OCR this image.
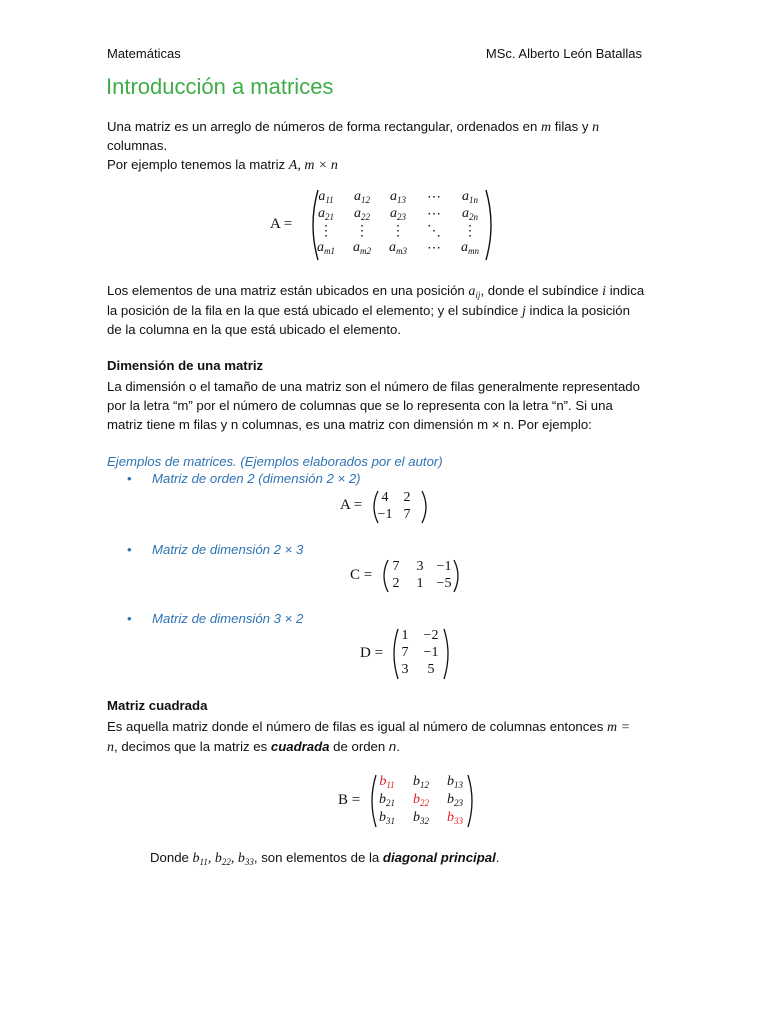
Matemáticas	MSc. Alberto León Batallas
Introducción a matrices
Una matriz es un arreglo de números de forma rectangular, ordenados en m filas y n
columnas.
Por ejemplo tenemos la matriz A, m × n
A =
$a_{11}$	$a_{12}$	$a_{13}$	⋯	$a_{1n}$
$a_{21}$	$a_{22}$	$a_{23}$	⋯	$a_{2n}$
⋮	⋮	⋮	⋱	⋮
$a_{m1}$	$a_{m2}$	$a_{m3}$	⋯	$a_{mn}$
Los elementos de una matriz están ubicados en una posición $a_{ij}$, donde el subíndice i indica
la posición de la fila en la que está ubicado el elemento; y el subíndice j indica la posición
de la columna en la que está ubicado el elemento.
Dimensión de una matriz
La dimensión o el tamaño de una matriz son el número de filas generalmente representado
por la letra “m” por el número de columnas que se lo representa con la letra “n”. Si una
matriz tiene m filas y n columnas, es una matriz con dimensión m × n. Por ejemplo:
Ejemplos de matrices. (Ejemplos elaborados por el autor)
• Matriz de orden 2 (dimensión 2 × 2)
A =	4	2
−1 7
• Matriz de dimensión 2 × 3
C =
7	3 −1
2	1 −5
• Matriz de dimensión 3 × 2
D =
1	−2
7	−1
3	5
Matriz cuadrada
Es aquella matriz donde el número de filas es igual al número de columnas entonces m =
n, decimos que la matriz es cuadrada de orden n.
B =
$b_{11}$	$b_{12}$	$b_{13}$
$b_{21}$	$b_{22}$	$b_{23}$
$b_{31}$	$b_{32}$	$b_{33}$
Donde $b_{11}$, $b_{22}$, $b_{33}$, son elementos de la diagonal principal.
